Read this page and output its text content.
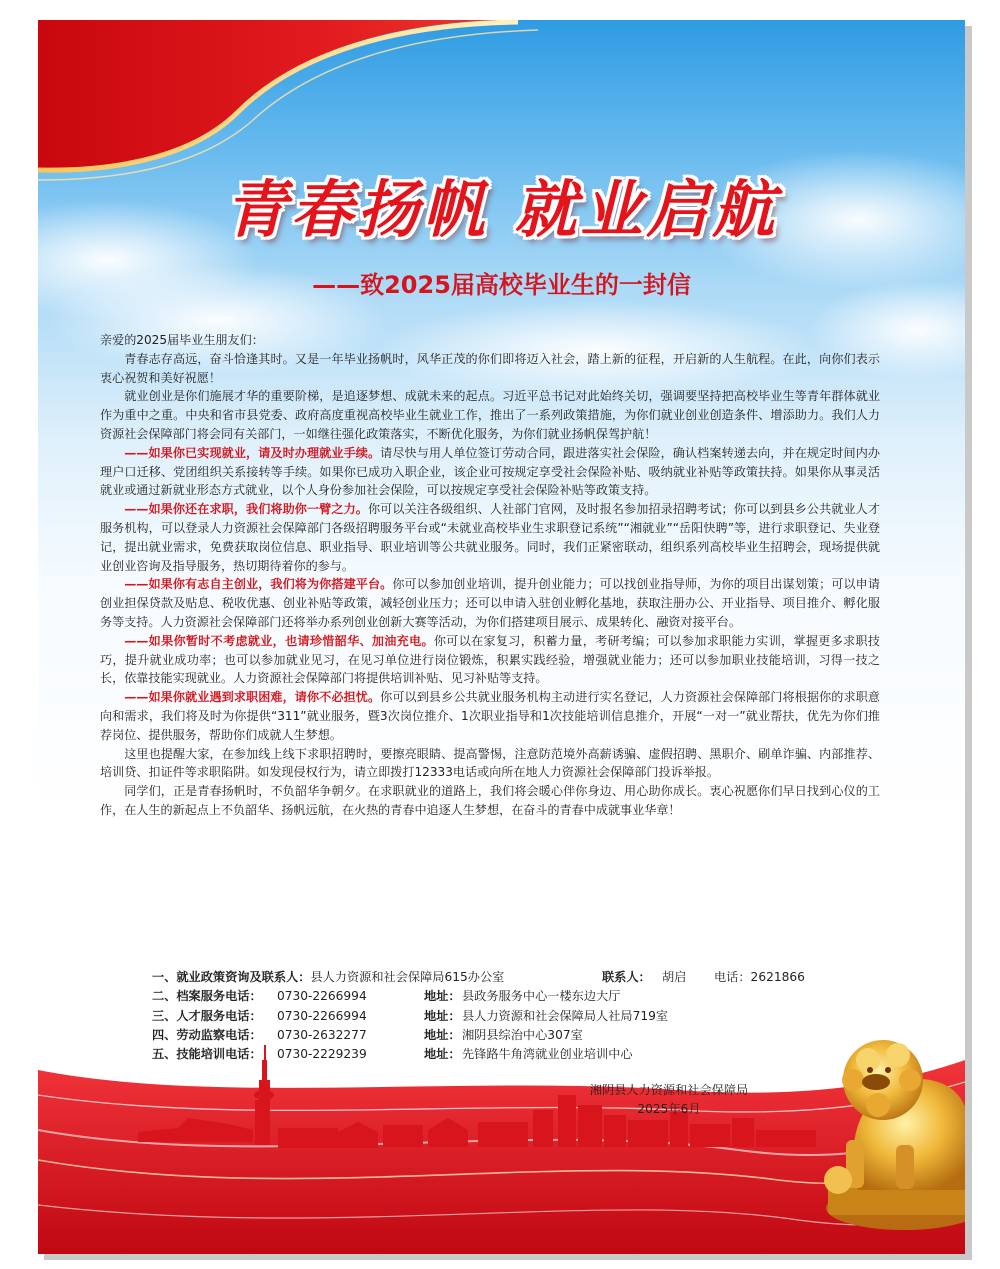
青春扬帆 就业启航
——致2025届高校毕业生的一封信

亲爱的2025届毕业生朋友们：

青春志存高远，奋斗恰逢其时。又是一年毕业扬帆时，风华正茂的你们即将迈入社会，踏上新的征程，开启新的人生航程。在此，向你们表示衷心祝贺和美好祝愿！

就业创业是你们施展才华的重要阶梯，是追逐梦想、成就未来的起点。习近平总书记对此始终关切，强调要坚持把高校毕业生等青年群体就业作为重中之重。中央和省市县党委、政府高度重视高校毕业生就业工作，推出了一系列政策措施，为你们就业创业创造条件、增添助力。我们人力资源社会保障部门将会同有关部门，一如继往强化政策落实，不断优化服务，为你们就业扬帆保驾护航！

——如果你已实现就业，请及时办理就业手续。请尽快与用人单位签订劳动合同，跟进落实社会保险，确认档案转递去向，并在规定时间内办理户口迁移、党团组织关系接转等手续。如果你已成功入职企业，该企业可按规定享受社会保险补贴、吸纳就业补贴等政策扶持。如果你从事灵活就业或通过新就业形态方式就业，以个人身份参加社会保险，可以按规定享受社会保险补贴等政策支持。

——如果你还在求职，我们将助你一臂之力。你可以关注各级组织、人社部门官网，及时报名参加招录招聘考试；你可以到县乡公共就业人才服务机构，可以登录人力资源社会保障部门各级招聘服务平台或“未就业高校毕业生求职登记系统”“湘就业”“岳阳快聘”等，进行求职登记、失业登记，提出就业需求，免费获取岗位信息、职业指导、职业培训等公共就业服务。同时，我们正紧密联动，组织系列高校毕业生招聘会，现场提供就业创业咨询及指导服务，热切期待着你的参与。

——如果你有志自主创业，我们将为你搭建平台。你可以参加创业培训，提升创业能力；可以找创业指导师，为你的项目出谋划策；可以申请创业担保贷款及贴息、税收优惠、创业补贴等政策，减轻创业压力；还可以申请入驻创业孵化基地，获取注册办公、开业指导、项目推介、孵化服务等支持。人力资源社会保障部门还将举办系列创业创新大赛等活动，为你们搭建项目展示、成果转化、融资对接平台。

——如果你暂时不考虑就业，也请珍惜韶华、加油充电。你可以在家复习，积蓄力量，考研考编；可以参加求职能力实训，掌握更多求职技巧，提升就业成功率；也可以参加就业见习，在见习单位进行岗位锻炼，积累实践经验，增强就业能力；还可以参加职业技能培训，习得一技之长，依靠技能实现就业。人力资源社会保障部门将提供培训补贴、见习补贴等支持。

——如果你就业遇到求职困难，请你不必担忧。你可以到县乡公共就业服务机构主动进行实名登记，人力资源社会保障部门将根据你的求职意向和需求，我们将及时为你提供“311”就业服务，暨3次岗位推介、1次职业指导和1次技能培训信息推介，开展“一对一”就业帮扶，优先为你们推荐岗位、提供服务，帮助你们成就人生梦想。

这里也提醒大家，在参加线上线下求职招聘时，要擦亮眼睛、提高警惕，注意防范境外高薪诱骗、虚假招聘、黑职介、刷单诈骗、内部推荐、培训贷、扣证件等求职陷阱。如发现侵权行为，请立即拨打12333电话或向所在地人力资源社会保障部门投诉举报。

同学们，正是青春扬帆时，不负韶华争朝夕。在求职就业的道路上，我们将会暖心伴你身边、用心助你成长。衷心祝愿你们早日找到心仪的工作，在人生的新起点上不负韶华、扬帆远航，在火热的青春中追逐人生梦想，在奋斗的青春中成就事业华章！

一、就业政策资询及联系人：县人力资源和社会保障局615办公室	联系人： 胡启 电话：2621866
二、档案服务电话： 0730-2266994	地址： 县政务服务中心一楼东边大厅
三、人才服务电话： 0730-2266994	地址： 县人力资源和社会保障局人社局719室
四、劳动监察电话： 0730-2632277	地址： 湘阴县综治中心307室
五、技能培训电话： 0730-2229239	地址： 先锋路牛角湾就业创业培训中心
湘阴县人力资源和社会保障局
2025年6月
